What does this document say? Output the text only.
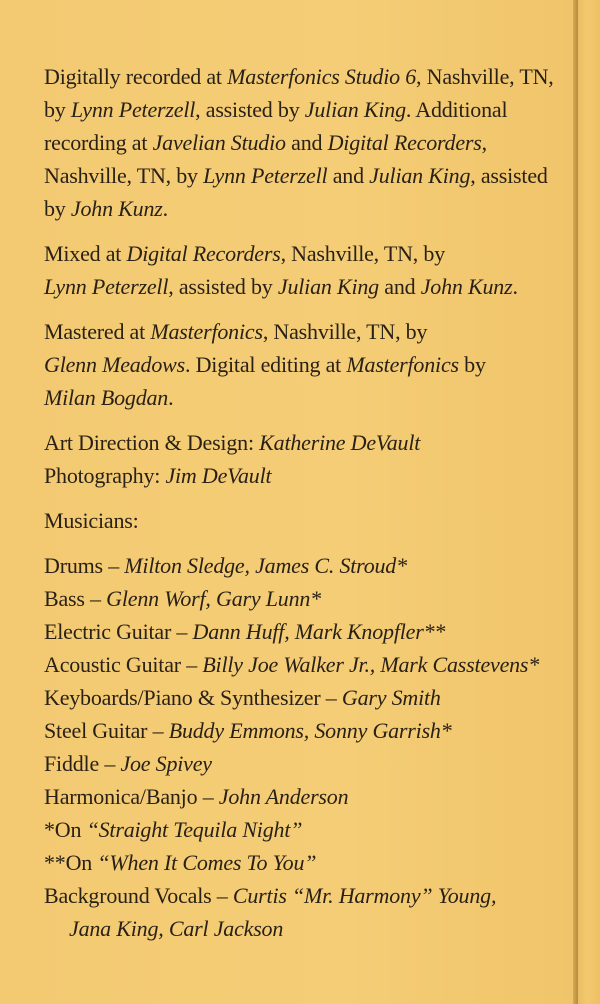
Digitally recorded at Masterfonics Studio 6, Nashville, TN,
by Lynn Peterzell, assisted by Julian King. Additional
recording at Javelian Studio and Digital Recorders,
Nashville, TN, by Lynn Peterzell and Julian King, assisted
by John Kunz.
Mixed at Digital Recorders, Nashville, TN, by
Lynn Peterzell, assisted by Julian King and John Kunz.
Mastered at Masterfonics, Nashville, TN, by
Glenn Meadows. Digital editing at Masterfonics by
Milan Bogdan.
Art Direction & Design: Katherine DeVault
Photography: Jim DeVault
Musicians:
Drums – Milton Sledge, James C. Stroud*
Bass – Glenn Worf, Gary Lunn*
Electric Guitar – Dann Huff, Mark Knopfler**
Acoustic Guitar – Billy Joe Walker Jr., Mark Casstevens*
Keyboards/Piano & Synthesizer – Gary Smith
Steel Guitar – Buddy Emmons, Sonny Garrish*
Fiddle – Joe Spivey
Harmonica/Banjo – John Anderson
*On “Straight Tequila Night”
**On “When It Comes To You”
Background Vocals – Curtis “Mr. Harmony” Young,
Jana King, Carl Jackson
